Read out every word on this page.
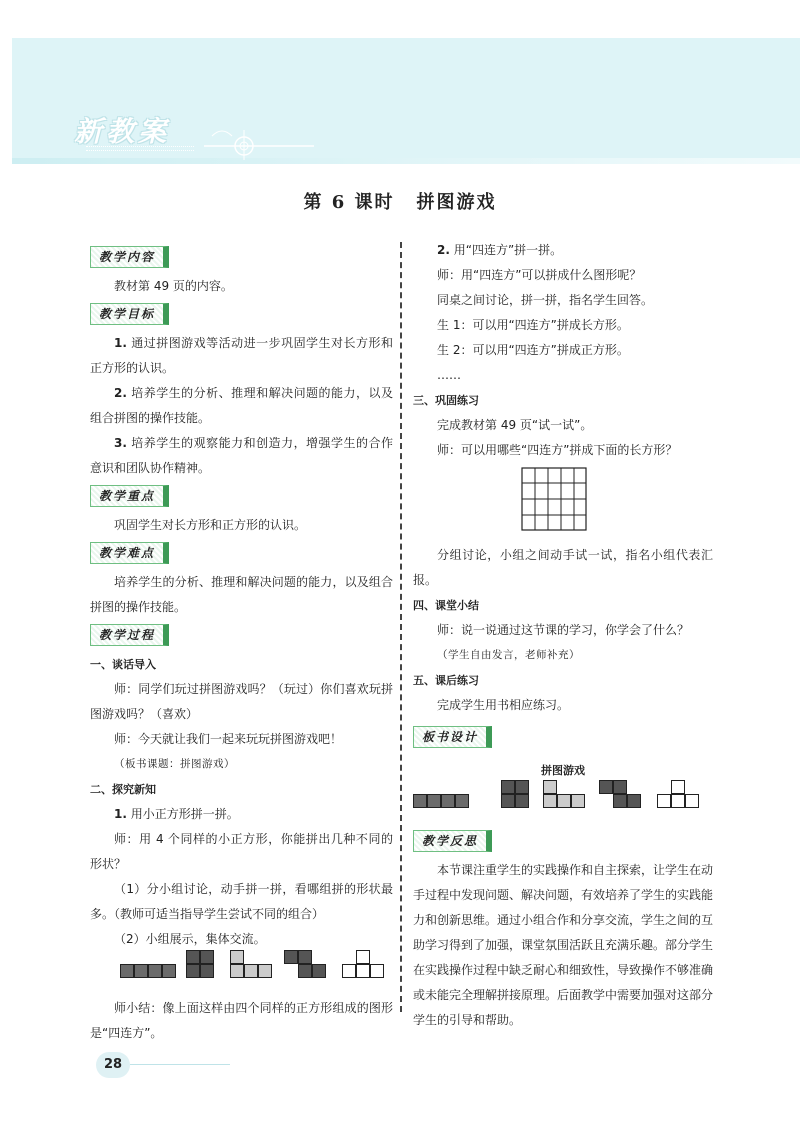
新教案
第 6 课时 拼图游戏
教学内容

教材第 49 页的内容。

教学目标

1. 通过拼图游戏等活动进一步巩固学生对长方形和正方形的认识。

2. 培养学生的分析、推理和解决问题的能力，以及组合拼图的操作技能。

3. 培养学生的观察能力和创造力，增强学生的合作意识和团队协作精神。

教学重点

巩固学生对长方形和正方形的认识。

教学难点

培养学生的分析、推理和解决问题的能力，以及组合拼图的操作技能。

教学过程

一、谈话导入

师：同学们玩过拼图游戏吗？（玩过）你们喜欢玩拼图游戏吗？（喜欢）

师：今天就让我们一起来玩玩拼图游戏吧！

（板书课题：拼图游戏）

二、探究新知

1. 用小正方形拼一拼。

师：用 4 个同样的小正方形，你能拼出几种不同的形状？

（1）分小组讨论，动手拼一拼，看哪组拼的形状最多。（教师可适当指导学生尝试不同的组合）

（2）小组展示，集体交流。

师小结：像上面这样由四个同样的正方形组成的图形是“四连方”。

2. 用“四连方”拼一拼。

师：用“四连方”可以拼成什么图形呢？

同桌之间讨论，拼一拼，指名学生回答。

生 1：可以用“四连方”拼成长方形。

生 2：可以用“四连方”拼成正方形。

……

三、巩固练习

完成教材第 49 页“试一试”。

师：可以用哪些“四连方”拼成下面的长方形？

分组讨论，小组之间动手试一试，指名小组代表汇报。

四、课堂小结

师：说一说通过这节课的学习，你学会了什么？

（学生自由发言，老师补充）

五、课后练习

完成学生用书相应练习。

板书设计
拼图游戏
教学反思

本节课注重学生的实践操作和自主探索，让学生在动手过程中发现问题、解决问题，有效培养了学生的实践能力和创新思维。通过小组合作和分享交流，学生之间的互助学习得到了加强，课堂氛围活跃且充满乐趣。部分学生在实践操作过程中缺乏耐心和细致性，导致操作不够准确或未能完全理解拼接原理。后面教学中需要加强对这部分学生的引导和帮助。

28
